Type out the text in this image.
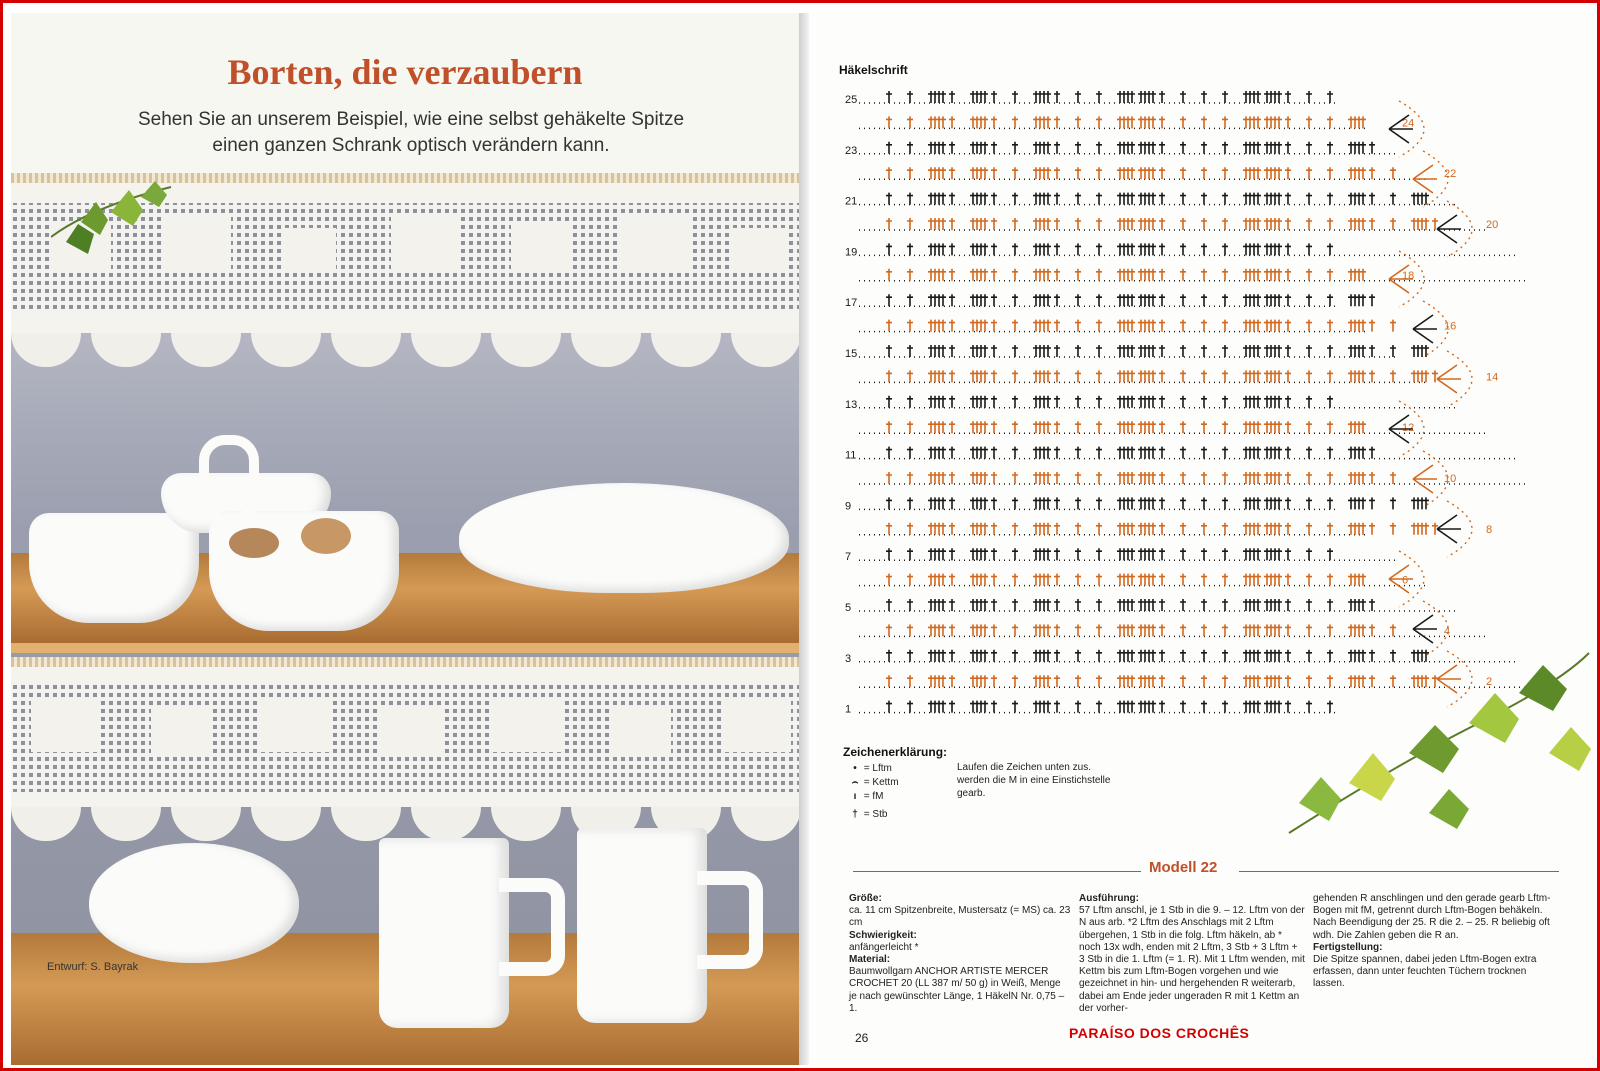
Borten, die verzaubern
Sehen Sie an unserem Beispiel, wie eine selbst gehäkelte Spitze
einen ganzen Schrank optisch verändern kann.
Entwurf: S. Bayrak
Häkelschrift
25
24
23
22
21
20
19
18
17
16
15
14
13
12
11
10
9
8
7
6
5
4
3
2
1
Zeichenerklärung:
• = Lftm
⌢ = Kettm
ı = fM
† = Stb
Laufen die Zeichen unten zus. werden die M in eine Einstichstelle gearb.
Modell 22
Größe:
ca. 11 cm Spitzenbreite, Mustersatz (= MS) ca. 23 cm
Schwierigkeit:
anfängerleicht *
Material:
Baumwollgarn ANCHOR ARTISTE MERCER CROCHET 20 (LL 387 m/ 50 g) in Weiß, Menge je nach gewünschter Länge, 1 HäkelN Nr. 0,75 – 1.
Ausführung:
57 Lftm anschl, je 1 Stb in die 9. – 12. Lftm von der N aus arb. *2 Lftm des Anschlags mit 2 Lftm übergehen, 1 Stb in die folg. Lftm häkeln, ab * noch 13x wdh, enden mit 2 Lftm, 3 Stb + 3 Lftm + 3 Stb in die 1. Lftm (= 1. R). Mit 1 Lftm wenden, mit Kettm bis zum Lftm-Bogen vorgehen und wie gezeichnet in hin- und hergehenden R weiterarb, dabei am Ende jeder ungeraden R mit 1 Kettm an der vorher-
gehenden R anschlingen und den gerade gearb Lftm-Bogen mit fM, getrennt durch Lftm-Bogen behäkeln. Nach Beendigung der 25. R die 2. – 25. R beliebig oft wdh. Die Zahlen geben die R an.
Fertigstellung:
Die Spitze spannen, dabei jeden Lftm-Bogen extra erfassen, dann unter feuchten Tüchern trocknen lassen.
26	PARAÍSO DOS CROCHÊS
